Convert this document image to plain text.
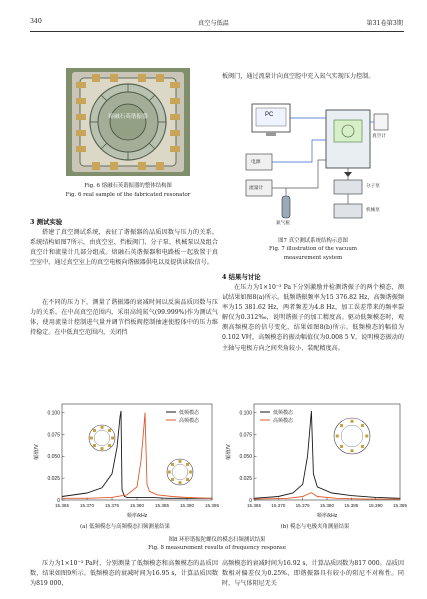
340	真空与低温	第31卷第3期
熔融石英谐振器
Fig. 6 熔融石英谐振器的整体结构图
Fig. 6 real sample of the fabricated resonator
3 测试实验

搭建了真空测试系统，表征了谐振器的品质因数与压力的关系。系统结构如图7所示，由真空室、挡板阀门、分子泵、机械泵以及组合真空计和流量计几部分组成。熔融石英谐振器和电路板一起放置于真空室中，通过真空室上的真空电极向谐振器供电以及提供读取信号。

在不同的压力下，测量了谐振器的衰减时间以反演品质因数与压力的关系。在中高真空范围内，采用高纯氮气(99.999%)作为测试气体，使用流量计控制进气量并调节挡板阀控制抽速使腔体中的压力维持稳定。在中低真空范围内，关闭挡

板阀门，通过流量计向真空腔中充入氮气实现压力控制。

PC
真空计
电源
流量计
氮气瓶
分子泵
机械泵
图7 真空测试系统结构示意图
Fig. 7 illustration of the vacuum
measurement system
4 结果与讨论

在压力为1×10⁻³ Pa下分别激励并检测谐振子的两个模态，测试结果如图8(a)所示。低频谐振频率为15 376.82 Hz，高频谐振频率为15 381.62 Hz，两者频差为4.8 Hz，加工误差带来的频率裂解仅为0.312‰，说明谐振子的加工精度高。驱动低频模态时，观测高频模态的信号变化，结果如图8(b)所示。低频模态的幅值为0.102 V时，高频模态的振动幅值仅为0.008 5 V，说明模态振动的主轴与电极方向之间夹角较小，装配精度高。

0
0.025
0.050
0.075
0.100
15.365 15.370 15.375 15.380 15.385 15.390 15.395
频率/kHz
幅值/V
低频模态
高频模态
0
0.025
0.050
0.075
0.100
15.365 15.370 15.375 15.380 15.385 15.390 15.395
频率/kHz
幅值/V
低频模态
高频模态
(a) 低频模态与高频模态扫频测量结果	(b) 模态与电极夹角测量结果
图8 环形谐振陀螺仪的模态扫频测试结果
Fig. 8 measurement results of frequency response

压力为1×10⁻³ Pa时，分别测量了低频模态和高频模态的品质因数，结果如图9所示。低频模态的衰减时间为16.95 s，计算品质因数为819 000，

高频模态的衰减时间为16.92 s，计算品质因数为817 000。品质因数相对偏差仅为0.25%，即谐振器具有较小的阻尼不对称性。同时，与气体阻尼无关
